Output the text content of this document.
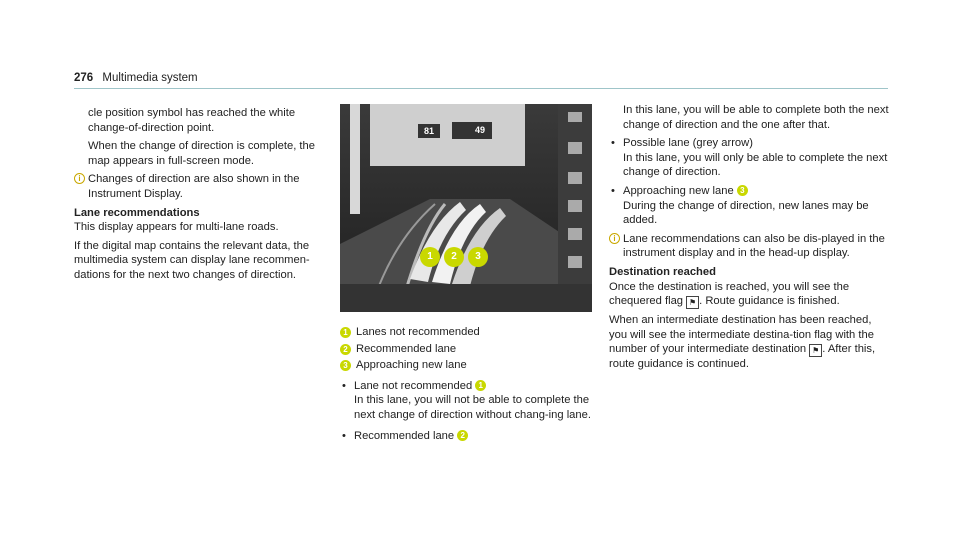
276 Multimedia system

cle position symbol has reached the white change-of-direction point.

When the change of direction is complete, the map appears in full-screen mode.

i Changes of direction are also shown in the Instrument Display.

Lane recommendations

This display appears for multi-lane roads.

If the digital map contains the relevant data, the multimedia system can display lane recommen-dations for the next two changes of direction.

81	49
1	2	3
1 Lanes not recommended
2 Recommended lane
3 Approaching new lane

• Lane not recommended 1

In this lane, you will not be able to complete the next change of direction without chang-ing lane.

• Recommended lane 2

In this lane, you will be able to complete both the next change of direction and the one after that.

• Possible lane (grey arrow)

In this lane, you will only be able to complete the next change of direction.

• Approaching new lane 3

During the change of direction, new lanes may be added.

i Lane recommendations can also be dis-played in the instrument display and in the head-up display.

Destination reached

Once the destination is reached, you will see the chequered flag ⚑ . Route guidance is finished.

When an intermediate destination has been reached, you will see the intermediate destina-tion flag with the number of your intermediate destination ⚑ . After this, route guidance is continued.
